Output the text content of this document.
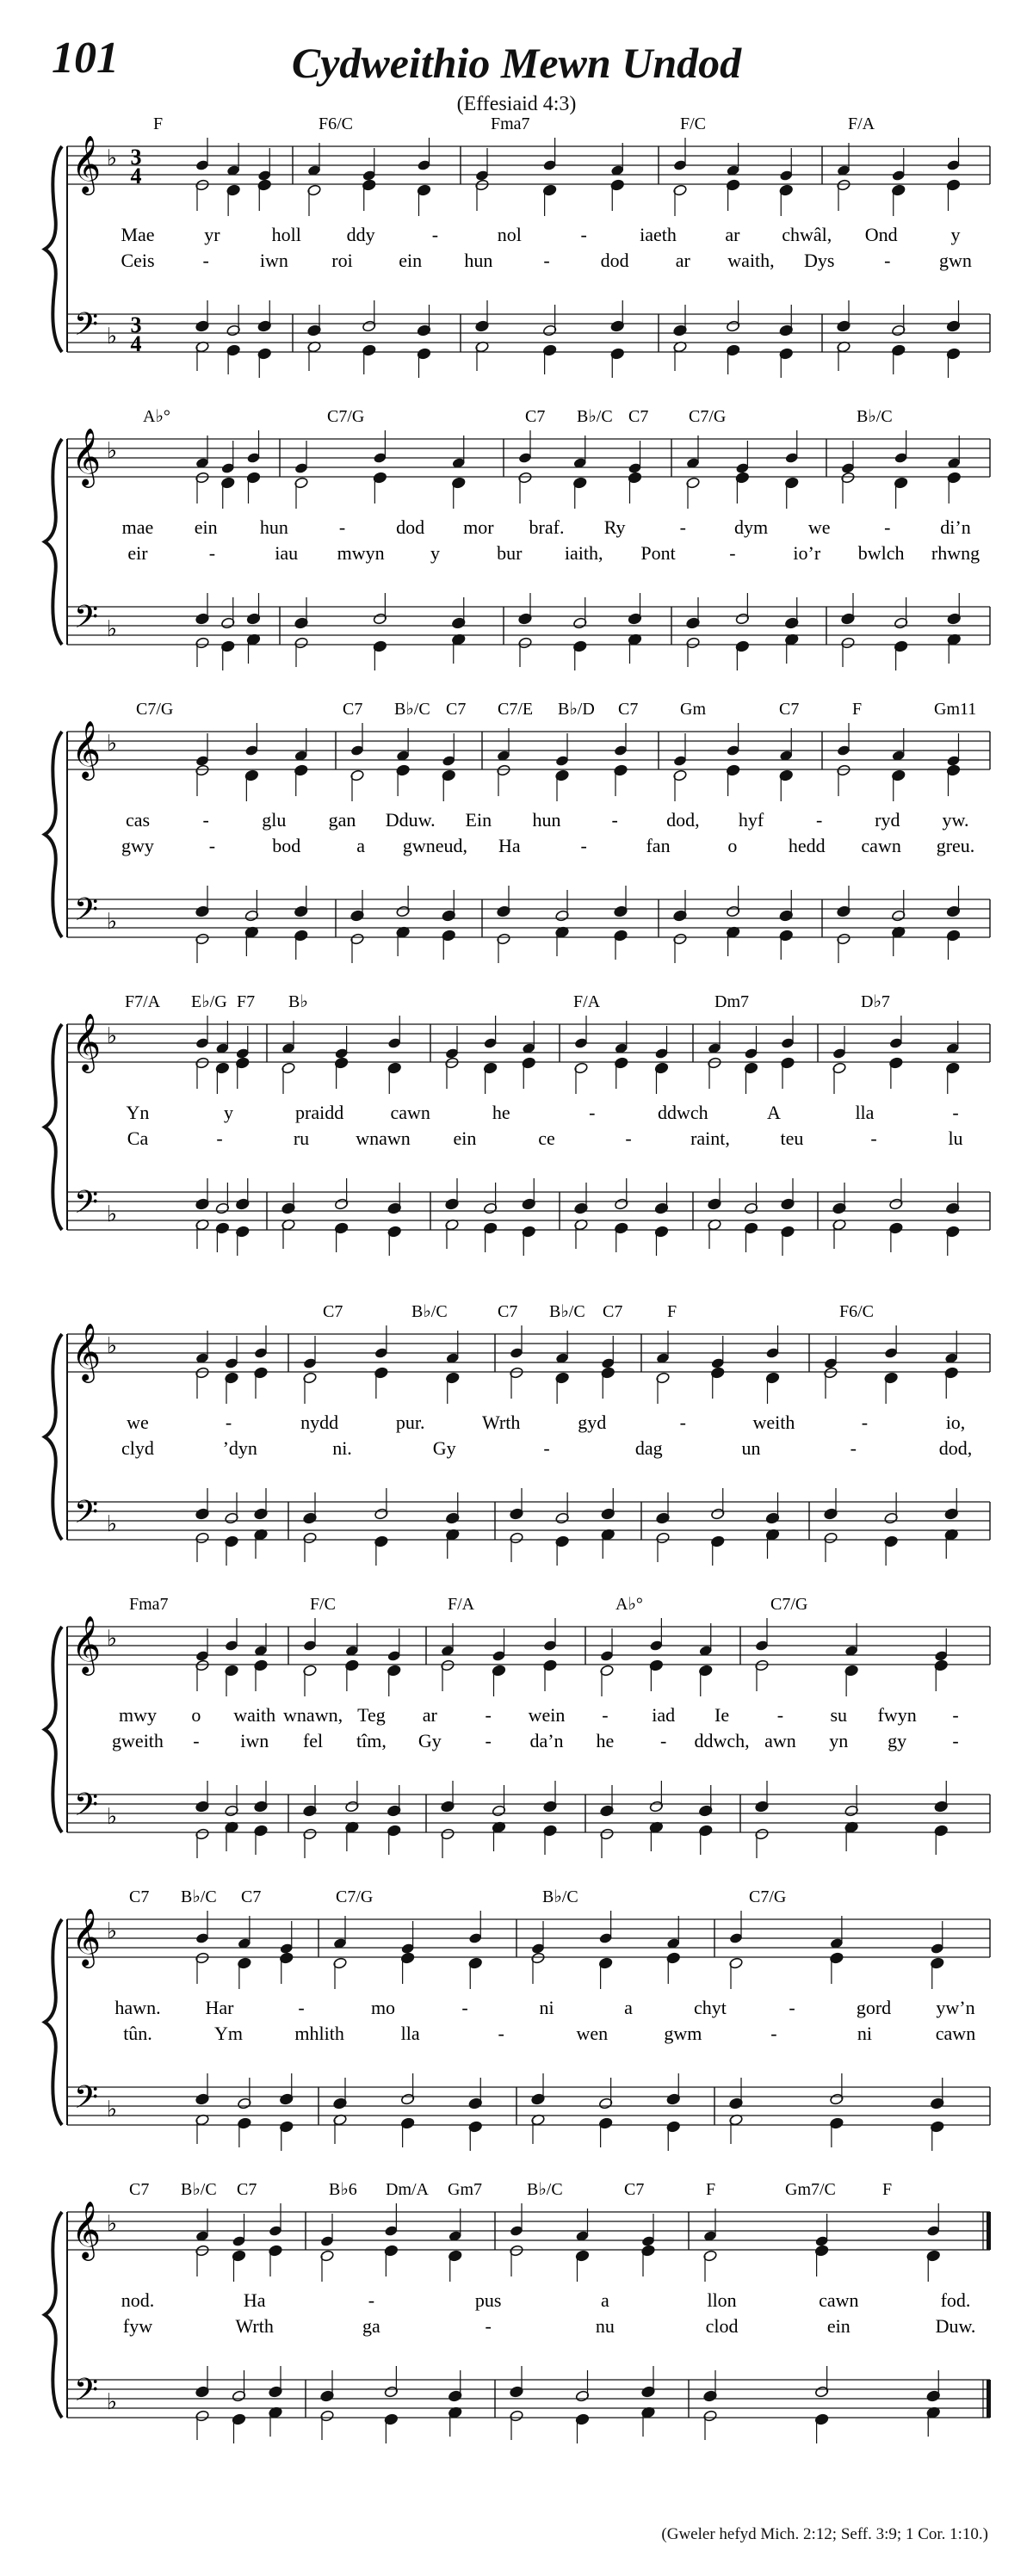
101	Cydweithio Mewn Undod
(Effesiaid 4:3)
𝄞
𝄢
♭
♭
3
4
3
4
F	F6/C	Fma7	F/C	F/A
Mae	yr	holl ddy	-	nol	-	iaeth	ar chwâl, Ond	y
Ceis	-	iwn roi ein hun	-	dod ar waith, Dys	-	gwn
𝄞
𝄢
♭
♭
A♭°	C7/G	C7 B♭/C C7 C7/G	B♭/C
mae ein hun	-	dod mor braf. Ry	-	dym we	-	di’n
eir	-	iau mwyn y	bur iaith, Pont	-	io’r bwlch rhwng
𝄞
𝄢
♭
♭
C7/G	C7 B♭/C C7 C7/E B♭/D C7 Gm	C7	F	Gm11
cas	-	glu gan Dduw. Ein hun	-	dod, hyf	-	ryd yw.
gwy	-	bod	a gwneud, Ha	-	fan	o	hedd cawn greu.
𝄞
𝄢
♭
♭
F7/A E♭/G F7 B♭	F/A	Dm7	D♭7
Yn	y	praidd cawn	he	-	ddwch	A	lla	-
Ca	-	ru wnawn ein	ce	-	raint,	teu	-	lu
𝄞
𝄢
♭
♭
C7	B♭/C	C7 B♭/C C7	F	F6/C
we	-	nydd	pur.	Wrth	gyd	-	weith	-	io,
clyd	’dyn	ni.	Gy	-	dag	un	-	dod,
𝄞
𝄢
♭
♭
Fma7	F/C	F/A	A♭°	C7/G
mwy o waith wnawn, Teg ar	- wein - iad Ie	- su fwyn -
gweith - iwn fel tîm, Gy - da’n he - ddwch, awn yn gy -
𝄞
𝄢
♭
♭
C7 B♭/C C7	C7/G	B♭/C	C7/G
hawn. Har	-	mo	-	ni	a	chyt	-	gord yw’n
tûn.	Ym	mhlith	lla	-	wen	gwm	-	ni	cawn
𝄞
𝄢
♭
♭
C7 B♭/C C7	B♭6 Dm/A Gm7	B♭/C	C7	F	Gm7/C	F
nod.	Ha	-	pus	a	llon	cawn	fod.
fyw	Wrth	ga	-	nu	clod	ein	Duw.
(Gweler hefyd Mich. 2:12; Seff. 3:9; 1 Cor. 1:10.)
